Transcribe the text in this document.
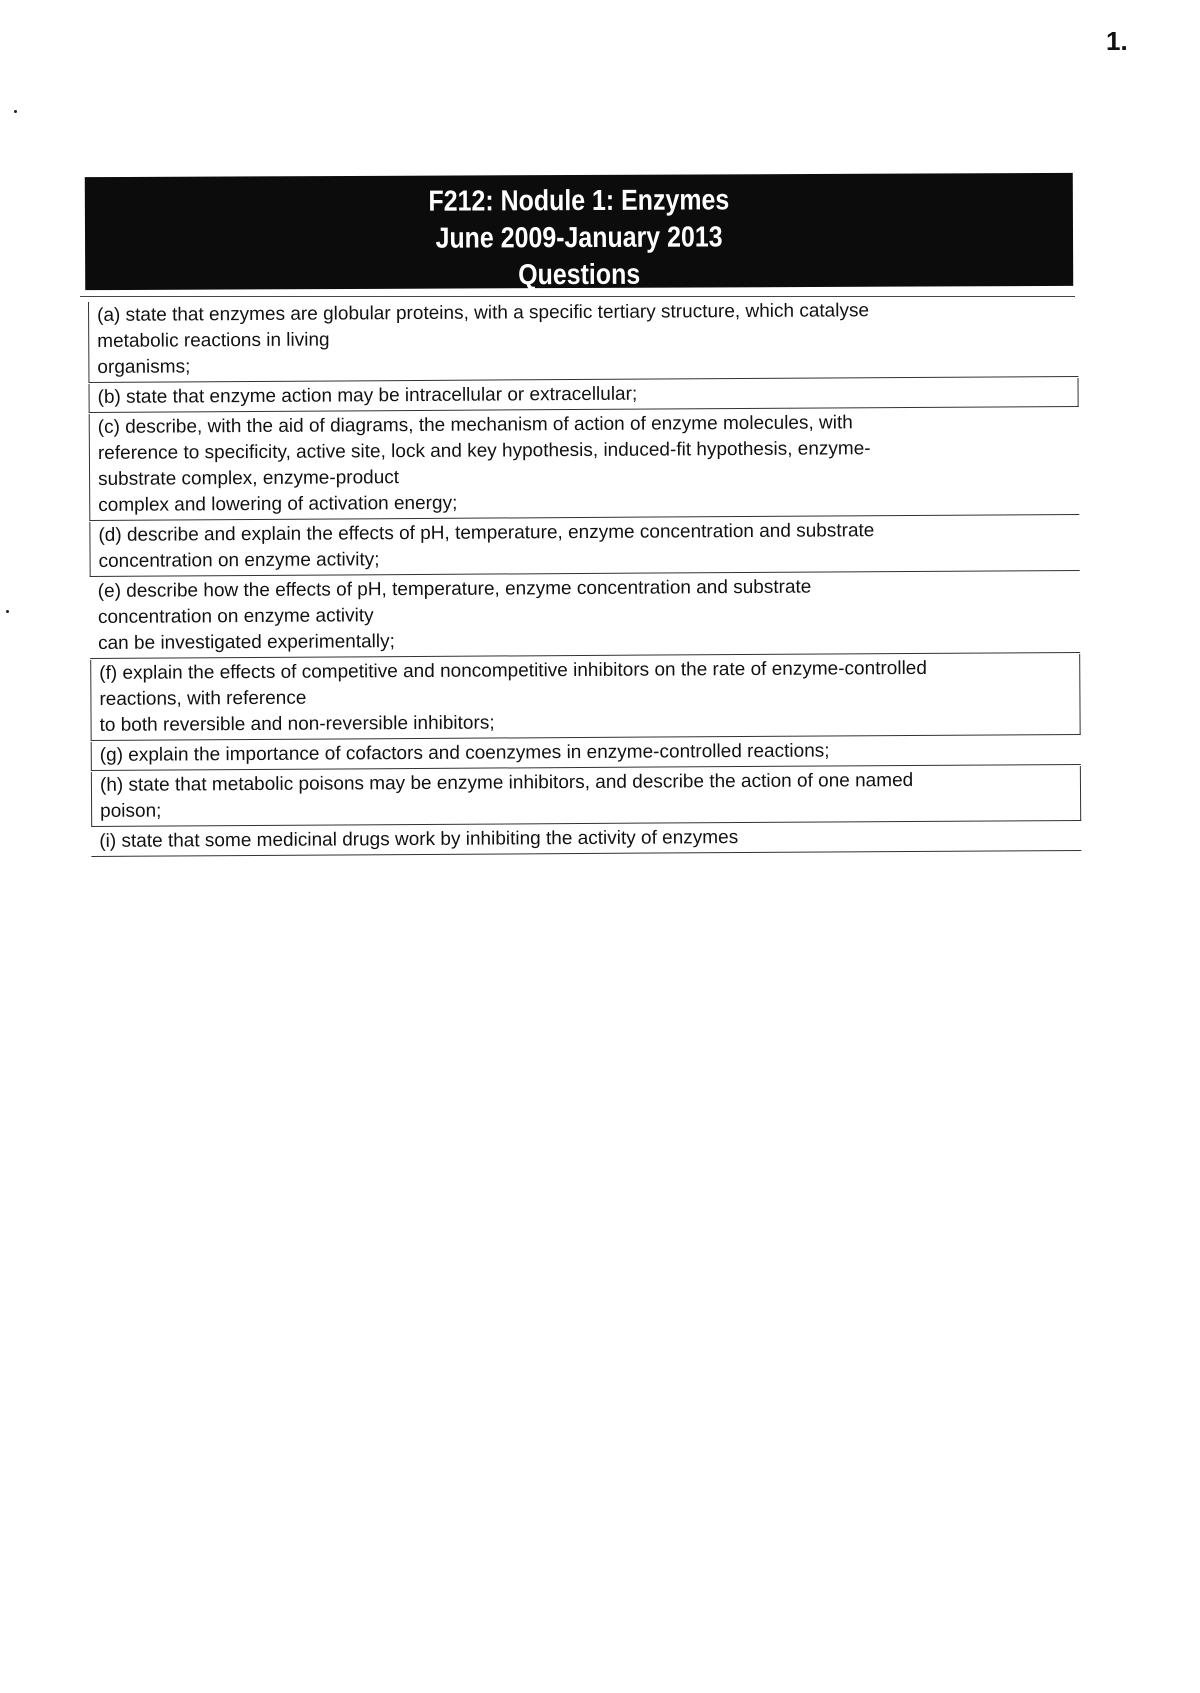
1.
F212: Nodule 1: Enzymes
June 2009-January 2013
Questions
(a) state that enzymes are globular proteins, with a specific tertiary structure, which catalyse
metabolic reactions in living
organisms;
(b) state that enzyme action may be intracellular or extracellular;
(c) describe, with the aid of diagrams, the mechanism of action of enzyme molecules, with
reference to specificity, active site, lock and key hypothesis, induced-fit hypothesis, enzyme-
substrate complex, enzyme-product
complex and lowering of activation energy;
(d) describe and explain the effects of pH, temperature, enzyme concentration and substrate
concentration on enzyme activity;
(e) describe how the effects of pH, temperature, enzyme concentration and substrate
concentration on enzyme activity
can be investigated experimentally;
(f) explain the effects of competitive and noncompetitive inhibitors on the rate of enzyme-controlled
reactions, with reference
to both reversible and non-reversible inhibitors;
(g) explain the importance of cofactors and coenzymes in enzyme-controlled reactions;
(h) state that metabolic poisons may be enzyme inhibitors, and describe the action of one named
poison;
(i) state that some medicinal drugs work by inhibiting the activity of enzymes
